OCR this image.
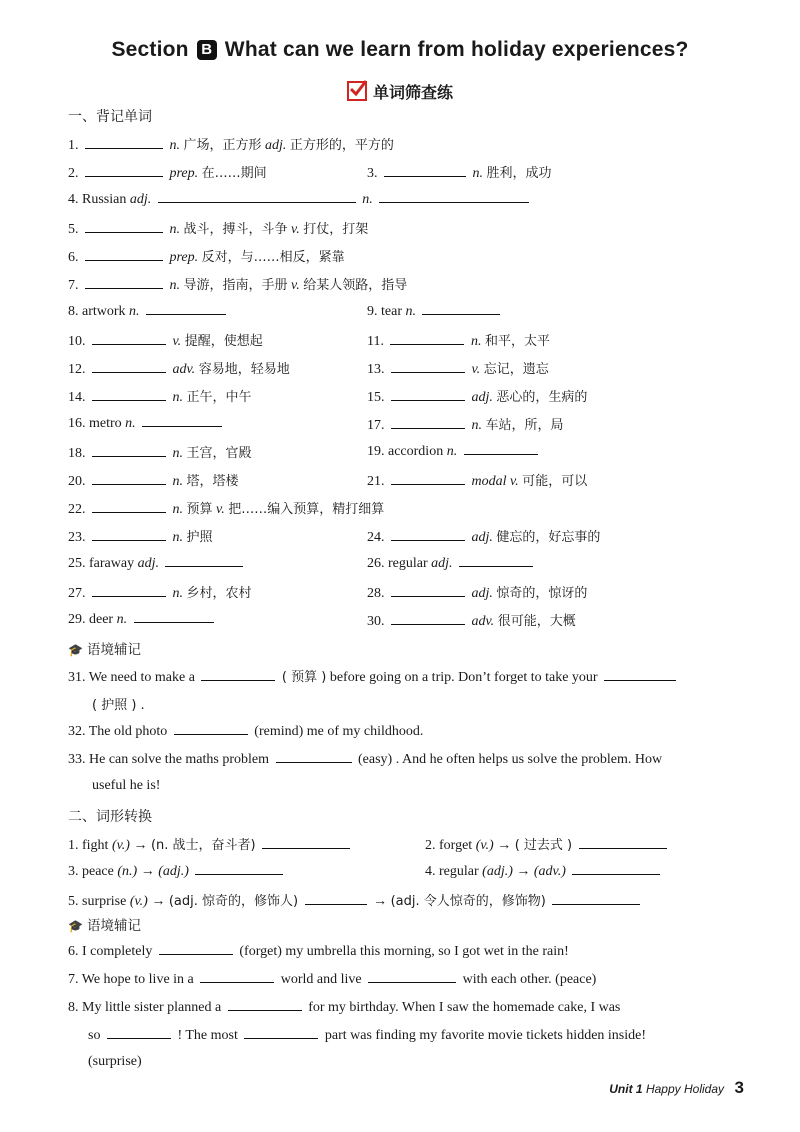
Section B What can we learn from holiday experiences?
单词筛查练
一、背记单词
1.	n. 广场，正方形 adj. 正方形的，平方的
2.	prep. 在……期间	3.	n. 胜利，成功
4. Russian adj.	n.
5.	n. 战斗，搏斗，斗争 v. 打仗，打架
6.	prep. 反对，与……相反，紧靠
7.	n. 导游，指南，手册 v. 给某人领路，指导
8. artwork n.	9. tear n.
10.	v. 提醒，使想起	11.	n. 和平，太平
12.	adv. 容易地，轻易地	13.	v. 忘记，遗忘
14.	n. 正午，中午	15.	adj. 恶心的，生病的
16. metro n.	17.	n. 车站，所，局
18.	n. 王宫，官殿	19. accordion n.
20.	n. 塔，塔楼	21.	modal v. 可能，可以
22.	n. 预算 v. 把……编入预算，精打细算
23.	n. 护照	24.	adj. 健忘的，好忘事的
25. faraway adj.	26. regular adj.
27.	n. 乡村，农村	28.	adj. 惊奇的，惊讶的
29. deer n.	30.	adv. 很可能，大概
🎓 语境辅记
31. We need to make a	( 预算 ) before going on a trip. Don’t forget to take your
( 护照 ) .
32. The old photo	(remind) me of my childhood.
33. He can solve the maths problem	(easy) . And he often helps us solve the problem. How
useful he is!
二、词形转换
1. fight (v.) → (n. 战士，奋斗者)	2. forget (v.) → ( 过去式 )
3. peace (n.) → (adj.)	4. regular (adj.) → (adv.)
5. surprise (v.) → (adj. 惊奇的，修饰人)	→ (adj. 令人惊奇的，修饰物)
🎓 语境辅记
6. I completely	(forget) my umbrella this morning, so I got wet in the rain!
7. We hope to live in a	world and live	with each other. (peace)
8. My little sister planned a	for my birthday. When I saw the homemade cake, I was
so	! The most	part was finding my favorite movie tickets hidden inside!
(surprise)
Unit 1 Happy Holiday 3
